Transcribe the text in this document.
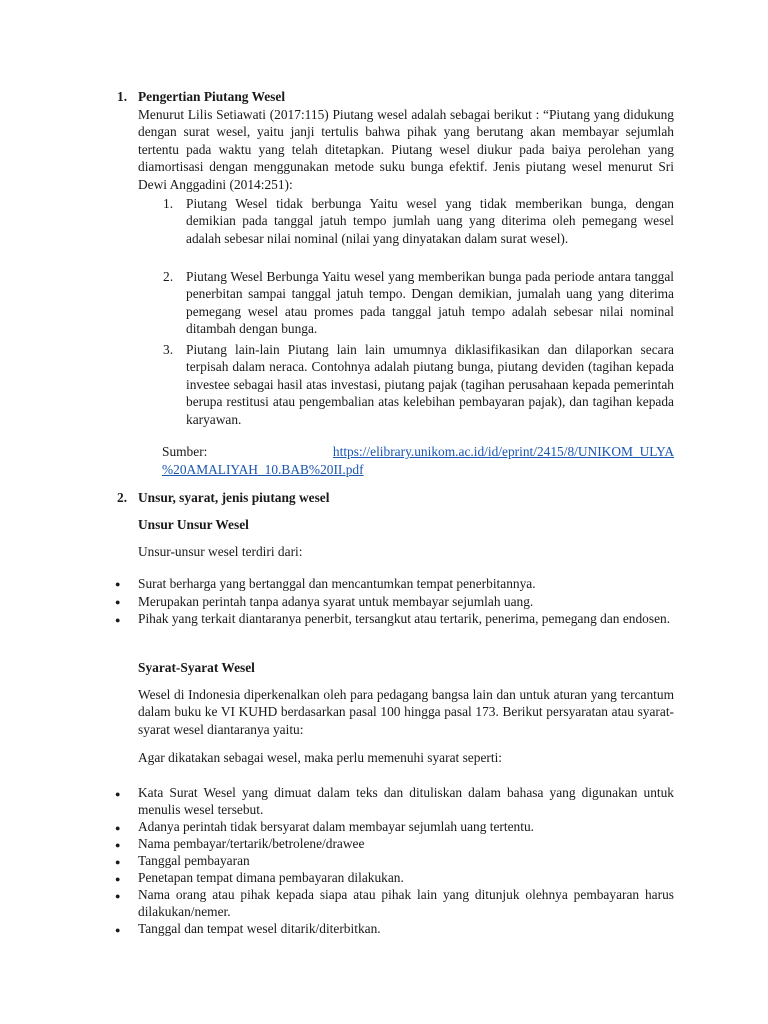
1. Pengertian Piutang Wesel
Menurut Lilis Setiawati (2017:115) Piutang wesel adalah sebagai berikut : “Piutang yang didukung dengan surat wesel, yaitu janji tertulis bahwa pihak yang berutang akan membayar sejumlah tertentu pada waktu yang telah ditetapkan. Piutang wesel diukur pada baiya perolehan yang diamortisasi dengan menggunakan metode suku bunga efektif. Jenis piutang wesel menurut Sri Dewi Anggadini (2014:251):
1. Piutang Wesel tidak berbunga Yaitu wesel yang tidak memberikan bunga, dengan demikian pada tanggal jatuh tempo jumlah uang yang diterima oleh pemegang wesel adalah sebesar nilai nominal (nilai yang dinyatakan dalam surat wesel).
2. Piutang Wesel Berbunga Yaitu wesel yang memberikan bunga pada periode antara tanggal penerbitan sampai tanggal jatuh tempo. Dengan demikian, jumalah uang yang diterima pemegang wesel atau promes pada tanggal jatuh tempo adalah sebesar nilai nominal ditambah dengan bunga.
3. Piutang lain-lain Piutang lain lain umumnya diklasifikasikan dan dilaporkan secara terpisah dalam neraca. Contohnya adalah piutang bunga, piutang deviden (tagihan kepada investee sebagai hasil atas investasi, piutang pajak (tagihan perusahaan kepada pemerintah berupa restitusi atau pengembalian atas kelebihan pembayaran pajak), dan tagihan kepada karyawan.
Sumber:	https://elibrary.unikom.ac.id/id/eprint/2415/8/UNIKOM_ULYA
%20AMALIYAH_10.BAB%20II.pdf
2. Unsur, syarat, jenis piutang wesel
Unsur Unsur Wesel
Unsur-unsur wesel terdiri dari:
● Surat berharga yang bertanggal dan mencantumkan tempat penerbitannya.
● Merupakan perintah tanpa adanya syarat untuk membayar sejumlah uang.
● Pihak yang terkait diantaranya penerbit, tersangkut atau tertarik, penerima, pemegang dan endosen.
Syarat-Syarat Wesel
Wesel di Indonesia diperkenalkan oleh para pedagang bangsa lain dan untuk aturan yang tercantum dalam buku ke VI KUHD berdasarkan pasal 100 hingga pasal 173. Berikut persyaratan atau syarat-syarat wesel diantaranya yaitu:
Agar dikatakan sebagai wesel, maka perlu memenuhi syarat seperti:
● Kata Surat Wesel yang dimuat dalam teks dan dituliskan dalam bahasa yang digunakan untuk menulis wesel tersebut.
● Adanya perintah tidak bersyarat dalam membayar sejumlah uang tertentu.
● Nama pembayar/tertarik/betrolene/drawee
● Tanggal pembayaran
● Penetapan tempat dimana pembayaran dilakukan.
● Nama orang atau pihak kepada siapa atau pihak lain yang ditunjuk olehnya pembayaran harus dilakukan/nemer.
● Tanggal dan tempat wesel ditarik/diterbitkan.
